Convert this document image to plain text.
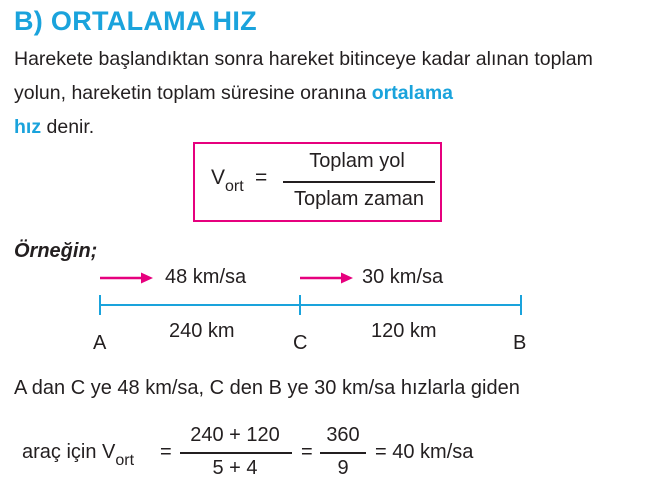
B) ORTALAMA HIZ
Harekete başlandıktan sonra hareket bitinceye kadar alınan toplam yolun, hareketin toplam süresine oranına ortalama
hız denir.
$V_{ort}$ =
Toplam yol
Toplam zaman
Örneğin;
48 km/sa	30 km/sa
240 km	120 km
A	C	B
A dan C ye 48 km/sa, C den B ye 30 km/sa hızlarla giden
araç için $V_{ort}$ =
240 + 120
5 + 4
=
360
9
= 40 km/sa
